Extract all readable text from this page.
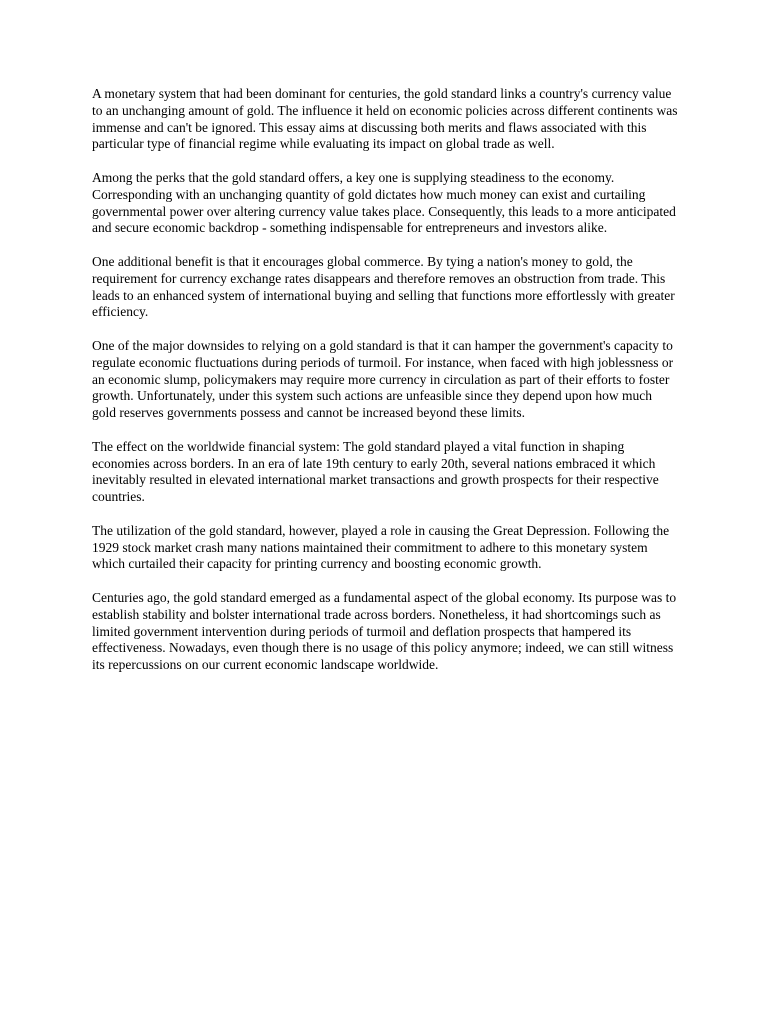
A monetary system that had been dominant for centuries, the gold standard links a country's currency value to an unchanging amount of gold. The influence it held on economic policies across different continents was immense and can't be ignored. This essay aims at discussing both merits and flaws associated with this particular type of financial regime while evaluating its impact on global trade as well.

Among the perks that the gold standard offers, a key one is supplying steadiness to the economy. Corresponding with an unchanging quantity of gold dictates how much money can exist and curtailing governmental power over altering currency value takes place. Consequently, this leads to a more anticipated and secure economic backdrop - something indispensable for entrepreneurs and investors alike.

One additional benefit is that it encourages global commerce. By tying a nation's money to gold, the requirement for currency exchange rates disappears and therefore removes an obstruction from trade. This leads to an enhanced system of international buying and selling that functions more effortlessly with greater efficiency.

One of the major downsides to relying on a gold standard is that it can hamper the government's capacity to regulate economic fluctuations during periods of turmoil. For instance, when faced with high joblessness or an economic slump, policymakers may require more currency in circulation as part of their efforts to foster growth. Unfortunately, under this system such actions are unfeasible since they depend upon how much gold reserves governments possess and cannot be increased beyond these limits.

The effect on the worldwide financial system: The gold standard played a vital function in shaping economies across borders. In an era of late 19th century to early 20th, several nations embraced it which inevitably resulted in elevated international market transactions and growth prospects for their respective countries.

The utilization of the gold standard, however, played a role in causing the Great Depression. Following the 1929 stock market crash many nations maintained their commitment to adhere to this monetary system which curtailed their capacity for printing currency and boosting economic growth.

Centuries ago, the gold standard emerged as a fundamental aspect of the global economy. Its purpose was to establish stability and bolster international trade across borders. Nonetheless, it had shortcomings such as limited government intervention during periods of turmoil and deflation prospects that hampered its effectiveness. Nowadays, even though there is no usage of this policy anymore; indeed, we can still witness its repercussions on our current economic landscape worldwide.
